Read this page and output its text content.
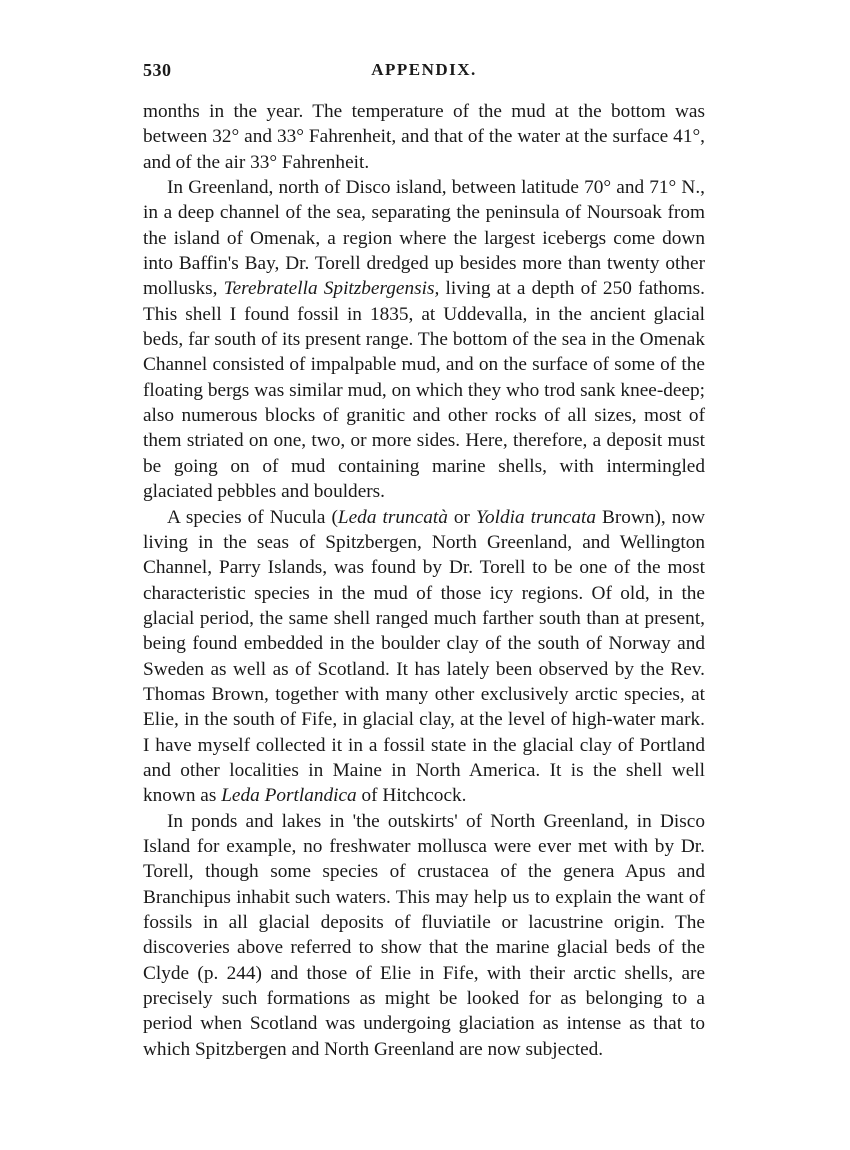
530	APPENDIX.

months in the year. The temperature of the mud at the bottom was between 32° and 33° Fahrenheit, and that of the water at the surface 41°, and of the air 33° Fahrenheit.

In Greenland, north of Disco island, between latitude 70° and 71° N., in a deep channel of the sea, separating the peninsula of Noursoak from the island of Omenak, a region where the largest icebergs come down into Baffin's Bay, Dr. Torell dredged up besides more than twenty other mollusks, Terebratella Spitzbergensis, living at a depth of 250 fathoms. This shell I found fossil in 1835, at Uddevalla, in the ancient glacial beds, far south of its present range. The bottom of the sea in the Omenak Channel consisted of impalpable mud, and on the surface of some of the floating bergs was similar mud, on which they who trod sank knee-deep; also numerous blocks of granitic and other rocks of all sizes, most of them striated on one, two, or more sides. Here, therefore, a deposit must be going on of mud containing marine shells, with intermingled glaciated pebbles and boulders.

A species of Nucula (Leda truncatà or Yoldia truncata Brown), now living in the seas of Spitzbergen, North Greenland, and Wellington Channel, Parry Islands, was found by Dr. Torell to be one of the most characteristic species in the mud of those icy regions. Of old, in the glacial period, the same shell ranged much farther south than at present, being found embedded in the boulder clay of the south of Norway and Sweden as well as of Scotland. It has lately been observed by the Rev. Thomas Brown, together with many other exclusively arctic species, at Elie, in the south of Fife, in glacial clay, at the level of high-water mark. I have myself collected it in a fossil state in the glacial clay of Portland and other localities in Maine in North America. It is the shell well known as Leda Portlandica of Hitchcock.

In ponds and lakes in 'the outskirts' of North Greenland, in Disco Island for example, no freshwater mollusca were ever met with by Dr. Torell, though some species of crustacea of the genera Apus and Branchipus inhabit such waters. This may help us to explain the want of fossils in all glacial deposits of fluviatile or lacustrine origin. The discoveries above referred to show that the marine glacial beds of the Clyde (p. 244) and those of Elie in Fife, with their arctic shells, are precisely such formations as might be looked for as belonging to a period when Scotland was undergoing glaciation as intense as that to which Spitzbergen and North Greenland are now subjected.
